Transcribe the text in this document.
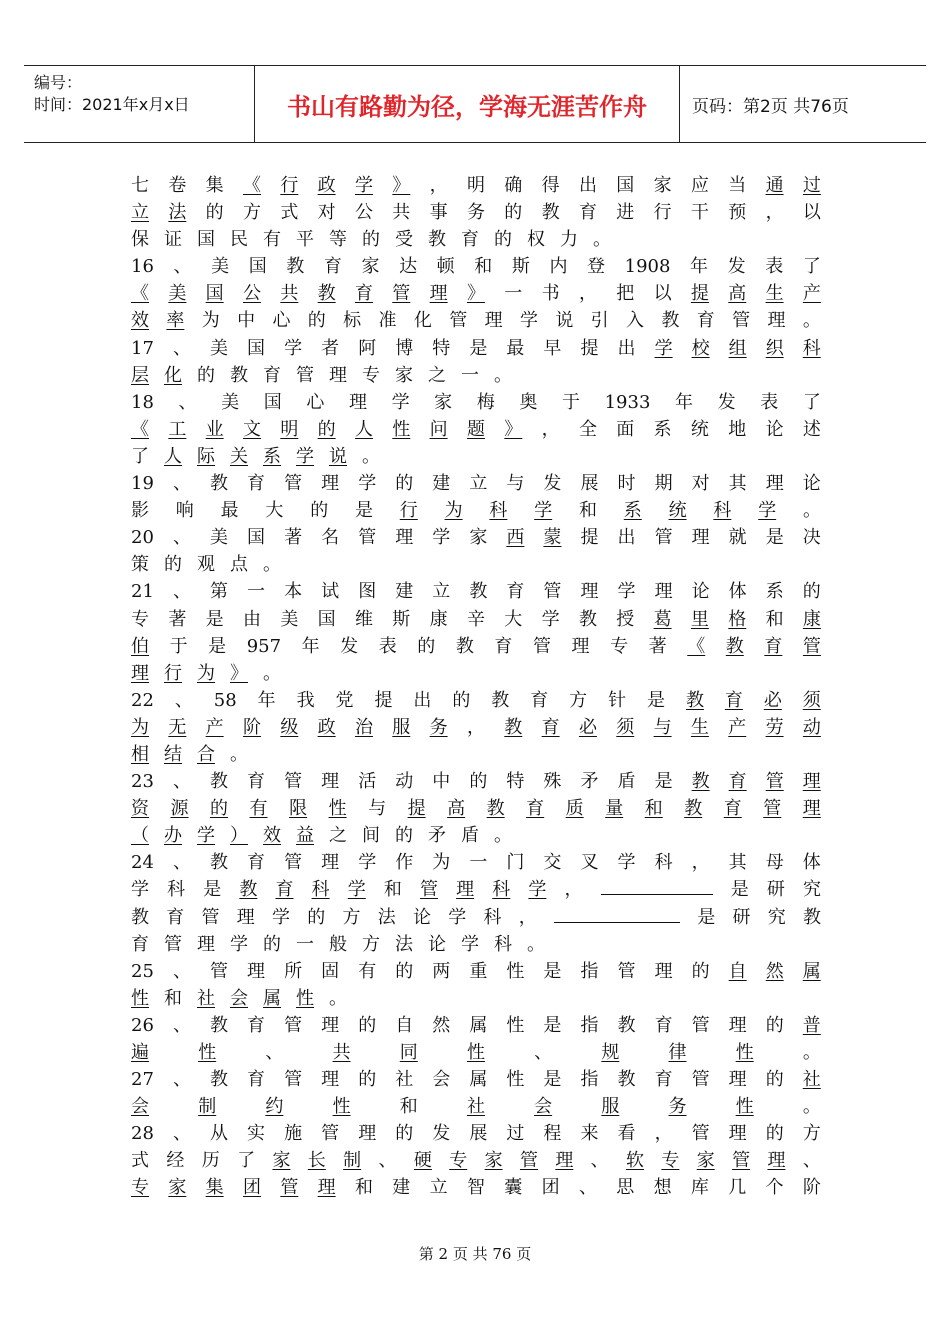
编号：
时间：2021年x月x日	书山有路勤为径，学海无涯苦作舟	页码：第2页 共76页
七 卷 集 《 行 政 学 》 ， 明 确 得 出 国 家 应 当 通 过
立 法 的 方 式 对 公 共 事 务 的 教 育 进 行 干 预 ， 以
保 证 国 民 有 平 等 的 受 教 育 的 权 力 。
16 、 美 国 教 育 家 达 顿 和 斯 内 登 1908 年 发 表 了
《 美 国 公 共 教 育 管 理 》 一 书 ， 把 以 提 高 生 产
效 率 为 中 心 的 标 准 化 管 理 学 说 引 入 教 育 管 理 。
17 、 美 国 学 者 阿 博 特 是 最 早 提 出 学 校 组 织 科
层 化 的 教 育 管 理 专 家 之 一 。
18 、 美 国 心 理 学 家 梅 奥 于 1933 年 发 表 了
《 工 业 文 明 的 人 性 问 题 》 ， 全 面 系 统 地 论 述
了 人 际 关 系 学 说 。
19 、 教 育 管 理 学 的 建 立 与 发 展 时 期 对 其 理 论
影 响 最 大 的 是 行 为 科 学 和 系 统 科 学 。
20 、 美 国 著 名 管 理 学 家 西 蒙 提 出 管 理 就 是 决
策 的 观 点 。
21 、 第 一 本 试 图 建 立 教 育 管 理 学 理 论 体 系 的
专 著 是 由 美 国 维 斯 康 辛 大 学 教 授 葛 里 格 和 康
伯 于 是 957 年 发 表 的 教 育 管 理 专 著 《 教 育 管
理 行 为 》 。
22 、 58 年 我 党 提 出 的 教 育 方 针 是 教 育 必 须
为 无 产 阶 级 政 治 服 务 ， 教 育 必 须 与 生 产 劳 动
相 结 合 。
23 、 教 育 管 理 活 动 中 的 特 殊 矛 盾 是 教 育 管 理
资 源 的 有 限 性 与 提 高 教 育 质 量 和 教 育 管 理
（ 办 学 ） 效 益 之 间 的 矛 盾 。
24 、 教 育 管 理 学 作 为 一 门 交 叉 学 科 ， 其 母 体
学 科 是 教 育 科 学 和 管 理 科 学 ，	是 研 究
教 育 管 理 学 的 方 法 论 学 科 ，	是 研 究 教
育 管 理 学 的 一 般 方 法 论 学 科 。
25 、 管 理 所 固 有 的 两 重 性 是 指 管 理 的 自 然 属
性 和 社 会 属 性 。
26 、 教 育 管 理 的 自 然 属 性 是 指 教 育 管 理 的 普
遍	性	、	共	同	性	、	规	律	性	。
27 、 教 育 管 理 的 社 会 属 性 是 指 教 育 管 理 的 社
会	制	约	性	和	社	会	服	务	性	。
28 、 从 实 施 管 理 的 发 展 过 程 来 看 ， 管 理 的 方
式 经 历 了 家 长 制 、 硬 专 家 管 理 、 软 专 家 管 理 、
专 家 集 团 管 理 和 建 立 智 囊 团 、 思 想 库 几 个 阶
第 2 页 共 76 页
